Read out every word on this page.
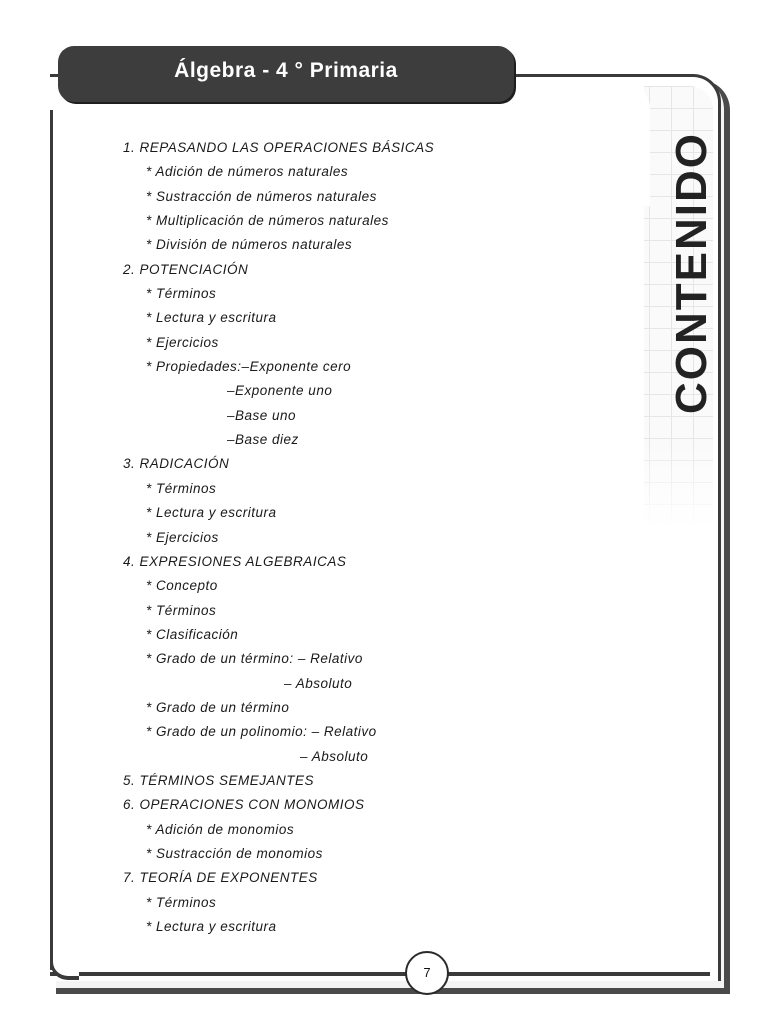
CONTENIDO
Álgebra - 4 ° Primaria
1. REPASANDO LAS OPERACIONES BÁSICAS
* Adición de números naturales
* Sustracción de números naturales
* Multiplicación de números naturales
* División de números naturales
2. POTENCIACIÓN
* Términos
* Lectura y escritura
* Ejercicios
* Propiedades:–Exponente cero
–Exponente uno
–Base uno
–Base diez
3. RADICACIÓN
* Términos
* Lectura y escritura
* Ejercicios
4. EXPRESIONES ALGEBRAICAS
* Concepto
* Términos
* Clasificación
* Grado de un término: – Relativo
– Absoluto
* Grado de un término
* Grado de un polinomio: – Relativo
– Absoluto
5. TÉRMINOS SEMEJANTES
6. OPERACIONES CON MONOMIOS
* Adición de monomios
* Sustracción de monomios
7. TEORÍA DE EXPONENTES
* Términos
* Lectura y escritura
7
